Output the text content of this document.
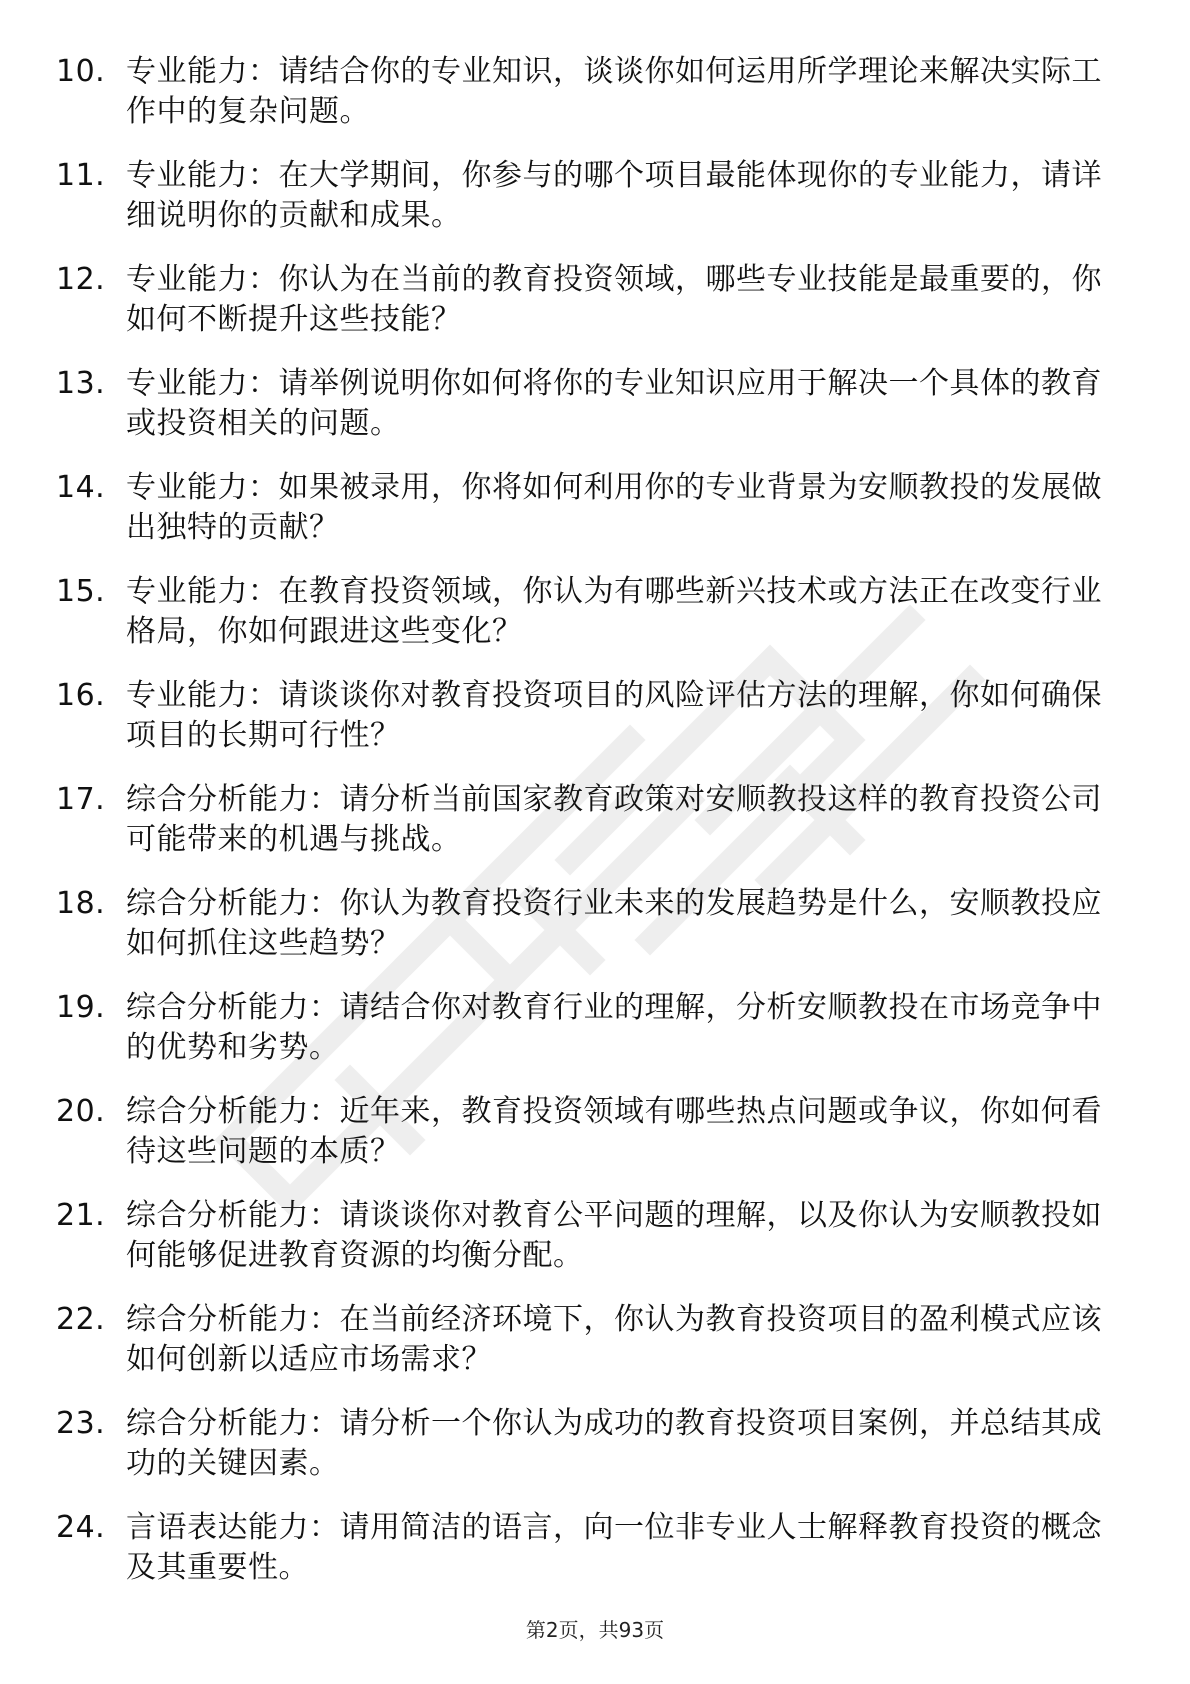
10. 专业能力：请结合你的专业知识，谈谈你如何运用所学理论来解决实际工作中的复杂问题。
11. 专业能力：在大学期间，你参与的哪个项目最能体现你的专业能力，请详细说明你的贡献和成果。
12. 专业能力：你认为在当前的教育投资领域，哪些专业技能是最重要的，你如何不断提升这些技能？
13. 专业能力：请举例说明你如何将你的专业知识应用于解决一个具体的教育或投资相关的问题。
14. 专业能力：如果被录用，你将如何利用你的专业背景为安顺教投的发展做出独特的贡献？
15. 专业能力：在教育投资领域，你认为有哪些新兴技术或方法正在改变行业格局，你如何跟进这些变化？
16. 专业能力：请谈谈你对教育投资项目的风险评估方法的理解，你如何确保项目的长期可行性？
17. 综合分析能力：请分析当前国家教育政策对安顺教投这样的教育投资公司可能带来的机遇与挑战。
18. 综合分析能力：你认为教育投资行业未来的发展趋势是什么，安顺教投应如何抓住这些趋势？
19. 综合分析能力：请结合你对教育行业的理解，分析安顺教投在市场竞争中的优势和劣势。
20. 综合分析能力：近年来，教育投资领域有哪些热点问题或争议，你如何看待这些问题的本质？
21. 综合分析能力：请谈谈你对教育公平问题的理解，以及你认为安顺教投如何能够促进教育资源的均衡分配。
22. 综合分析能力：在当前经济环境下，你认为教育投资项目的盈利模式应该如何创新以适应市场需求？
23. 综合分析能力：请分析一个你认为成功的教育投资项目案例，并总结其成功的关键因素。
24. 言语表达能力：请用简洁的语言，向一位非专业人士解释教育投资的概念及其重要性。
第2页，共93页
